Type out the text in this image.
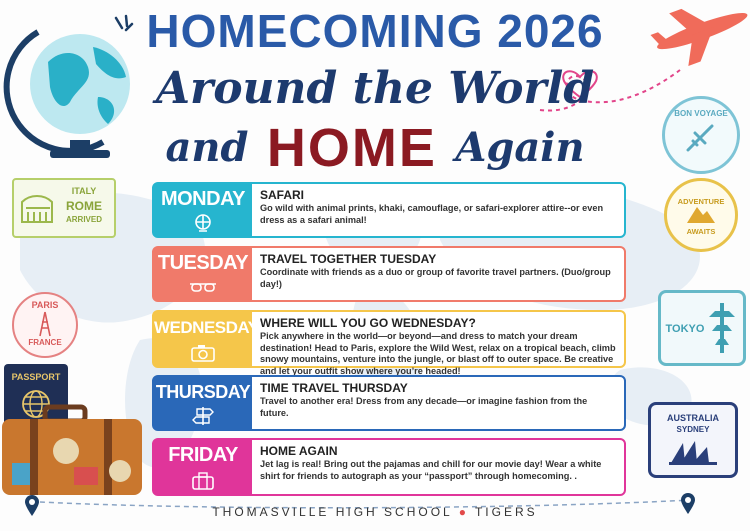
HOMECOMING 2026
Around the World
and HOME Again
ITALY
ROME
ARRIVED
PARIS
FRANCE
PASSPORT
BON VOYAGE
ADVENTURE AWAITS
TOKYO
AUSTRALIA
SYDNEY
MONDAY	SAFARI
Go wild with animal prints, khaki, camouflage, or safari-explorer attire--or even dress as a safari animal!
TUESDAY TRAVEL TOGETHER TUESDAY
Coordinate with friends as a duo or group of favorite travel partners. (Duo/group day!)
WEDNESDAY WHERE WILL YOU GO WEDNESDAY?
Pick anywhere in the world—or beyond—and dress to match your dream destination! Head to Paris, explore the Wild West, relax on a tropical beach, climb snowy mountains, venture into the jungle, or blast off to outer space. Be creative and let your outfit show where you’re headed!
THURSDAY TIME TRAVEL THURSDAY
Travel to another era! Dress from any decade—or imagine fashion from the future.
FRIDAY	HOME AGAIN
Jet lag is real! Bring out the pajamas and chill for our movie day! Wear a white shirt for friends to autograph as your “passport” through homecoming. .
THOMASVILLE HIGH SCHOOL ● TIGERS
